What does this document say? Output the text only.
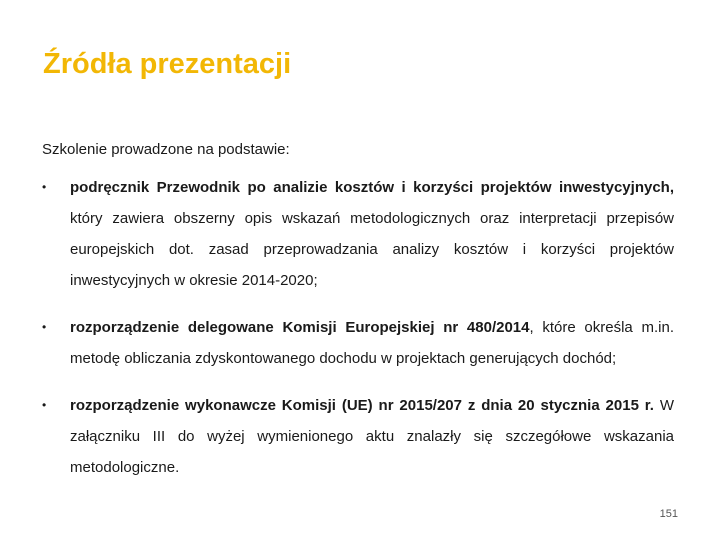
Źródła prezentacji

Szkolenie prowadzone na podstawie:

• podręcznik Przewodnik po analizie kosztów i korzyści projektów inwestycyjnych, który zawiera obszerny opis wskazań metodologicznych oraz interpretacji przepisów europejskich dot. zasad przeprowadzania analizy kosztów i korzyści projektów inwestycyjnych w okresie 2014-2020;
• rozporządzenie delegowane Komisji Europejskiej nr 480/2014, które określa m.in. metodę obliczania zdyskontowanego dochodu w projektach generujących dochód;
• rozporządzenie wykonawcze Komisji (UE) nr 2015/207 z dnia 20 stycznia 2015 r. W załączniku III do wyżej wymienionego aktu znalazły się szczegółowe wskazania metodologiczne.
151
